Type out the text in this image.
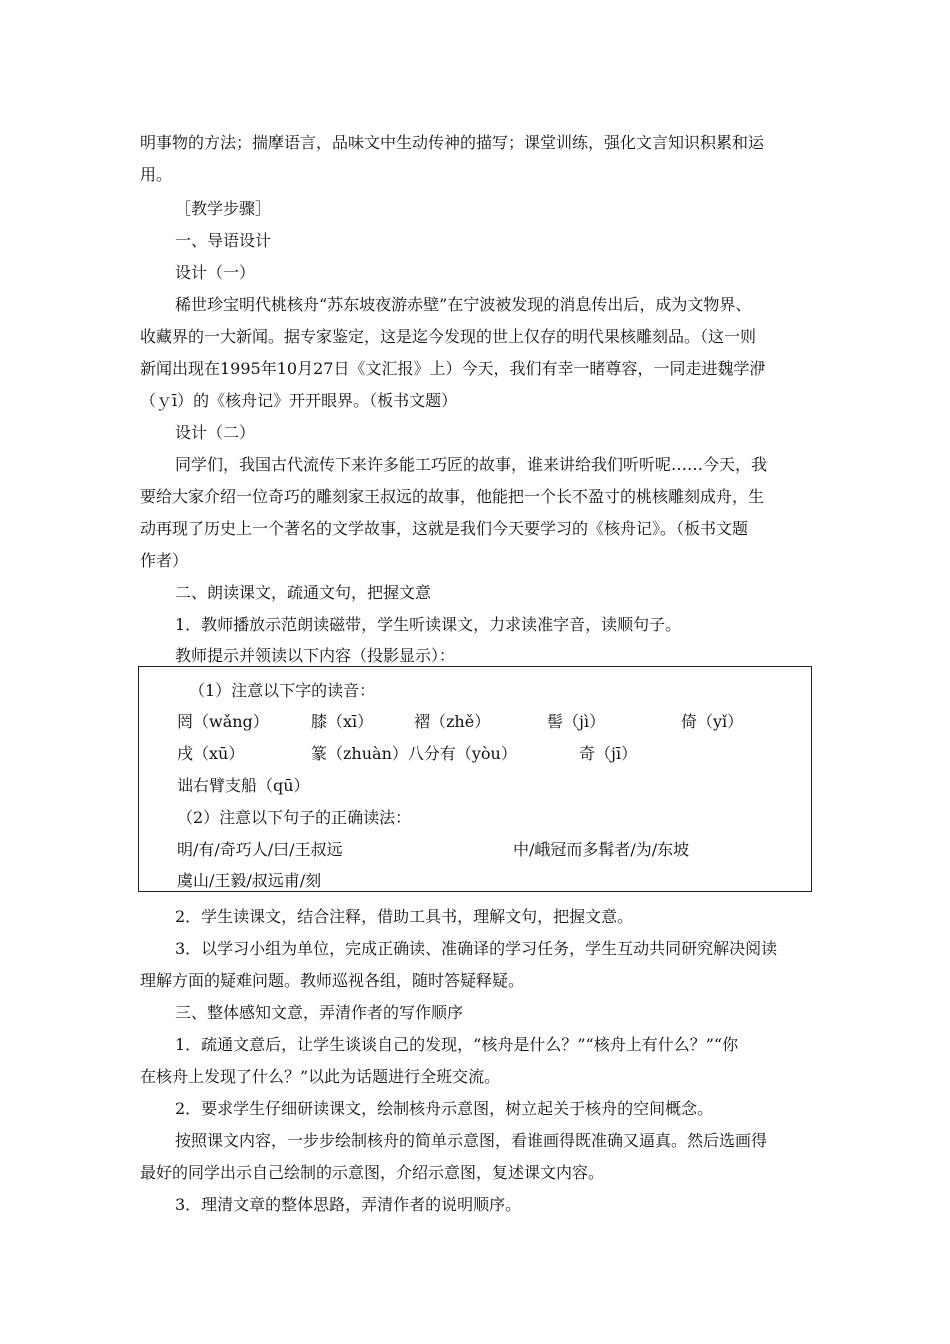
明事物的方法；揣摩语言，品味文中生动传神的描写；课堂训练，强化文言知识积累和运
用。
［教学步骤］
一、导语设计
设计（一）
稀世珍宝明代桃核舟“苏东坡夜游赤壁”在宁波被发现的消息传出后，成为文物界、
收藏界的一大新闻。据专家鉴定，这是迄今发现的世上仅存的明代果核雕刻品。（这一则
新闻出现在1995年10月27日《文汇报》上）今天，我们有幸一睹尊容，一同走进魏学洢
（ｙī）的《核舟记》开开眼界。（板书文题）
设计（二）
同学们，我国古代流传下来许多能工巧匠的故事，谁来讲给我们听听呢……今天，我
要给大家介绍一位奇巧的雕刻家王叔远的故事，他能把一个长不盈寸的桃核雕刻成舟，生
动再现了历史上一个著名的文学故事，这就是我们今天要学习的《核舟记》。（板书文题
作者）
二、朗读课文，疏通文句，把握文意
1．教师播放示范朗读磁带，学生听读课文，力求读准字音，读顺句子。
教师提示并领读以下内容（投影显示）：
（1）注意以下字的读音：
罔（wǎng）	膝（xī）	褶（zhě）	髻（jì）	倚（yǐ）
戌（xū）	篆（zhuàn）八分有（yòu）	奇（jī）
诎右臂支船（qū）
（2）注意以下句子的正确读法：
明/有/奇巧人/曰/王叔远	中/峨冠而多髯者/为/东坡
虞山/王毅/叔远甫/刻
2．学生读课文，结合注释，借助工具书，理解文句，把握文意。
3．以学习小组为单位，完成正确读、准确译的学习任务，学生互动共同研究解决阅读
理解方面的疑难问题。教师巡视各组，随时答疑释疑。
三、整体感知文意，弄清作者的写作顺序
1．疏通文意后，让学生谈谈自己的发现，“核舟是什么？”“核舟上有什么？”“你
在核舟上发现了什么？”以此为话题进行全班交流。
2．要求学生仔细研读课文，绘制核舟示意图，树立起关于核舟的空间概念。
按照课文内容，一步步绘制核舟的简单示意图，看谁画得既准确又逼真。然后选画得
最好的同学出示自己绘制的示意图，介绍示意图，复述课文内容。
3．理清文章的整体思路，弄清作者的说明顺序。
